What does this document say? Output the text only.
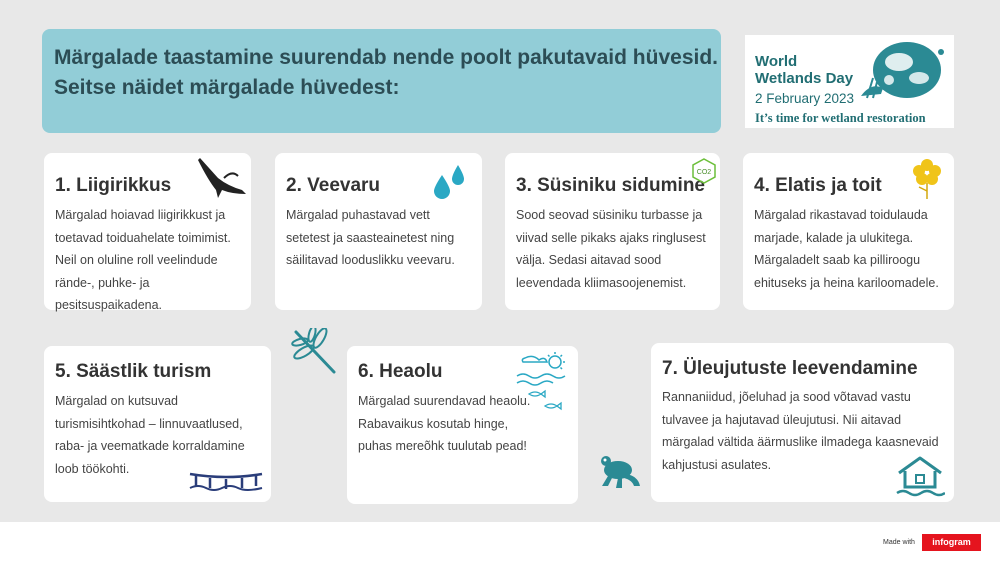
Märgalade taastamine suurendab nende poolt pakutavaid hüvesid.
Seitse näidet märgalade hüvedest:
World
Wetlands Day
2 February 2023
It’s time for wetland restoration
1. Liigirikkus
Märgalad hoiavad liigirikkust ja
toetavad toiduahelate toimimist.
Neil on oluline roll veelindude
rände-, puhke- ja pesitsuspaikadena.
2. Veevaru
Märgalad puhastavad vett
setetest ja saasteainetest ning
säilitavad looduslikku veevaru.
3. Süsiniku sidumine
Sood seovad süsiniku turbasse ja
viivad selle pikaks ajaks ringlusest
välja. Sedasi aitavad sood
leevendada kliimasoojenemist.
CO2
4. Elatis ja toit
Märgalad rikastavad toidulauda
marjade, kalade ja ulukitega.
Märgaladelt saab ka pilliroogu
ehituseks ja heina kariloomadele.
5. Säästlik turism
Märgalad on kutsuvad
turismisihtkohad – linnuvaatlused,
raba- ja veematkade korraldamine
loob töökohti.
6. Heaolu
Märgalad suurendavad heaolu.
Rabavaikus kosutab hinge,
puhas mereõhk tuulutab pead!
7. Üleujutuste leevendamine
Rannaniidud, jõeluhad ja sood võtavad vastu
tulvavee ja hajutavad üleujutusi. Nii aitavad
märgalad vältida äärmuslike ilmadega kaasnevaid
kahjustusi asulates.
Made with	infogram
